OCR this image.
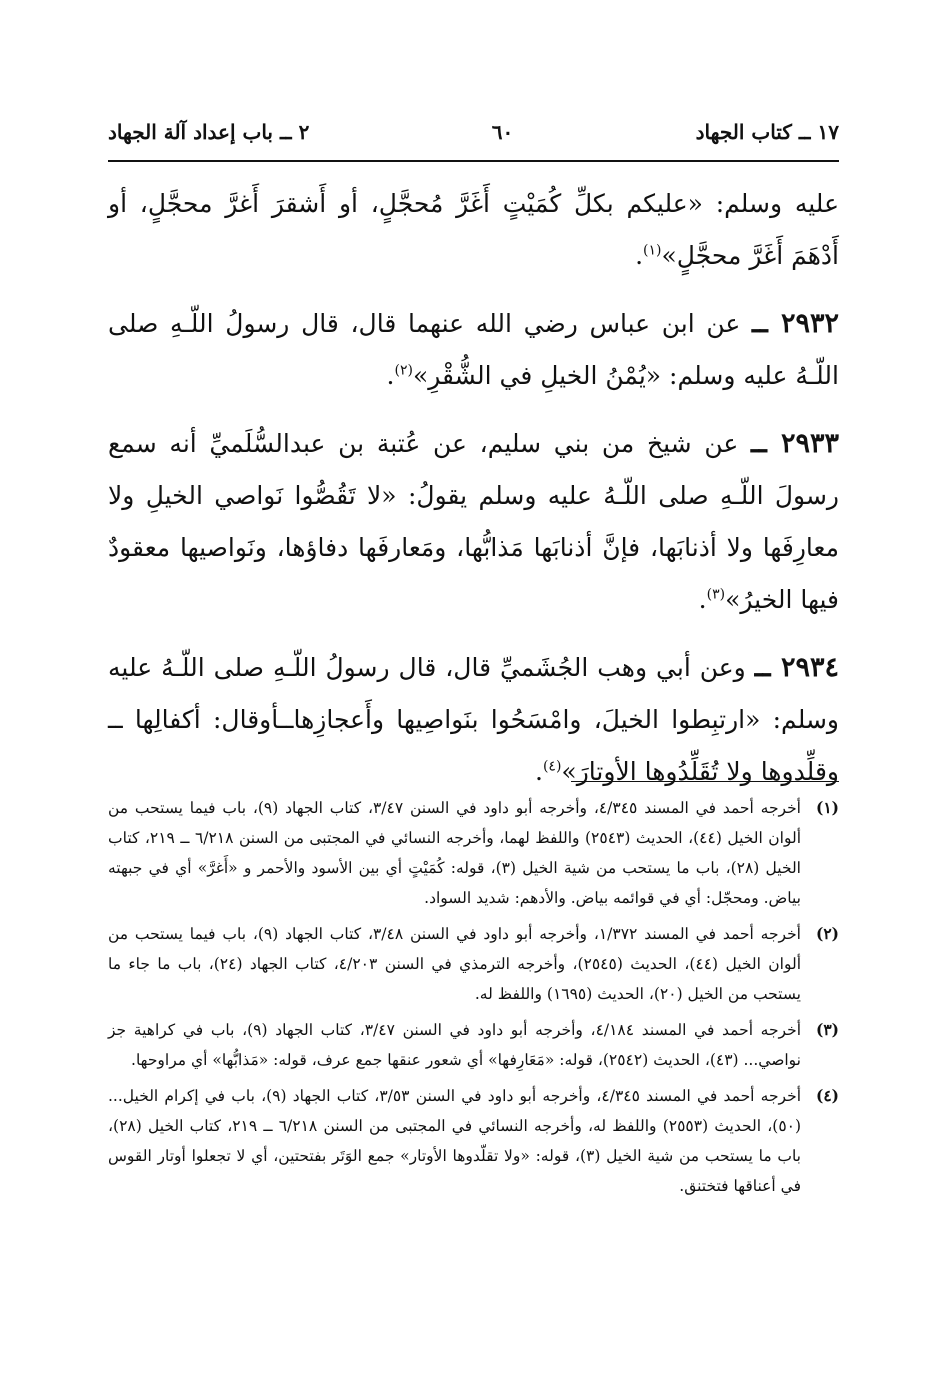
١٧ ــ كتاب الجهاد
٦٠
٢ ــ باب إعداد آلة الجهاد

عليه وسلم: «عليكم بكلِّ كُمَيْتٍ أَغَرَّ مُحجَّلٍ، أو أَشقرَ أَغرَّ محجَّلٍ، أو أَدْهَمَ أَغَرَّ محجَّلٍ»$^{(١)}$.

٢٩٣٢ ــ عن ابن عباس رضي الله عنهما قال، قال رسولُ اللّـهِ صلى اللّـهُ عليه وسلم: «يُمْنُ الخيلِ في الشُّقْرِ»$^{(٢)}$.

٢٩٣٣ ــ عن شيخ من بني سليم، عن عُتبة بن عبدالسُّلَميِّ أنه سمع رسولَ اللّـهِ صلى اللّـهُ عليه وسلم يقولُ: «لا تَقُصُّوا نَواصي الخيلِ ولا معارِفَها ولا أذنابَها، فإنَّ أذنابَها مَذابُّها، ومَعارفَها دفاؤها، ونَواصيها معقودٌ فيها الخيرُ»$^{(٣)}$.

٢٩٣٤ ــ وعن أبي وهب الجُشَميِّ قال، قال رسولُ اللّـهِ صلى اللّـهُ عليه وسلم: «ارتبِطوا الخيلَ، وامْسَحُوا بنَواصِيها وأَعجازِهاــأوقال: أكفالِها ــ وقلِّدوها ولا تُقَلِّدُوها الأوتارَ»$^{(٤)}$.

(١)
أخرجه أحمد في المسند ٤/٣٤٥، وأخرجه أبو داود في السنن ٣/٤٧، كتاب الجهاد (٩)، باب فيما يستحب من ألوان الخيل (٤٤)، الحديث (٢٥٤٣) واللفظ لهما، وأخرجه النسائي في المجتبى من السنن ٦/٢١٨ ــ ٢١٩، كتاب الخيل (٢٨)، باب ما يستحب من شية الخيل (٣)، قوله: كُمَيْتٍ أي بين الأسود والأحمر و «أَغرَّ» أي في جبهته بياض. ومحجّل: أي في قوائمه بياض. والأدهم: شديد السواد.
(٢)
أخرجه أحمد في المسند ١/٣٧٢، وأخرجه أبو داود في السنن ٣/٤٨، كتاب الجهاد (٩)، باب فيما يستحب من ألوان الخيل (٤٤)، الحديث (٢٥٤٥)، وأخرجه الترمذي في السنن ٤/٢٠٣، كتاب الجهاد (٢٤)، باب ما جاء ما يستحب من الخيل (٢٠)، الحديث (١٦٩٥) واللفظ له.
(٣)
أخرجه أحمد في المسند ٤/١٨٤، وأخرجه أبو داود في السنن ٣/٤٧، كتاب الجهاد (٩)، باب في كراهية جز نواصي... (٤٣)، الحديث (٢٥٤٢)، قوله: «مَعَارِفها» أي شعور عنقها جمع عرف، قوله: «مَذابُّها» أي مراوحها.
(٤)
أخرجه أحمد في المسند ٤/٣٤٥، وأخرجه أبو داود في السنن ٣/٥٣، كتاب الجهاد (٩)، باب في إكرام الخيل... (٥٠)، الحديث (٢٥٥٣) واللفظ له، وأخرجه النسائي في المجتبى من السنن ٦/٢١٨ ــ ٢١٩، كتاب الخيل (٢٨)، باب ما يستحب من شية الخيل (٣)، قوله: «ولا تقلّدوها الأوتار» جمع الوَتَر بفتحتين، أي لا تجعلوا أوتار القوس في أعناقها فتختنق.
